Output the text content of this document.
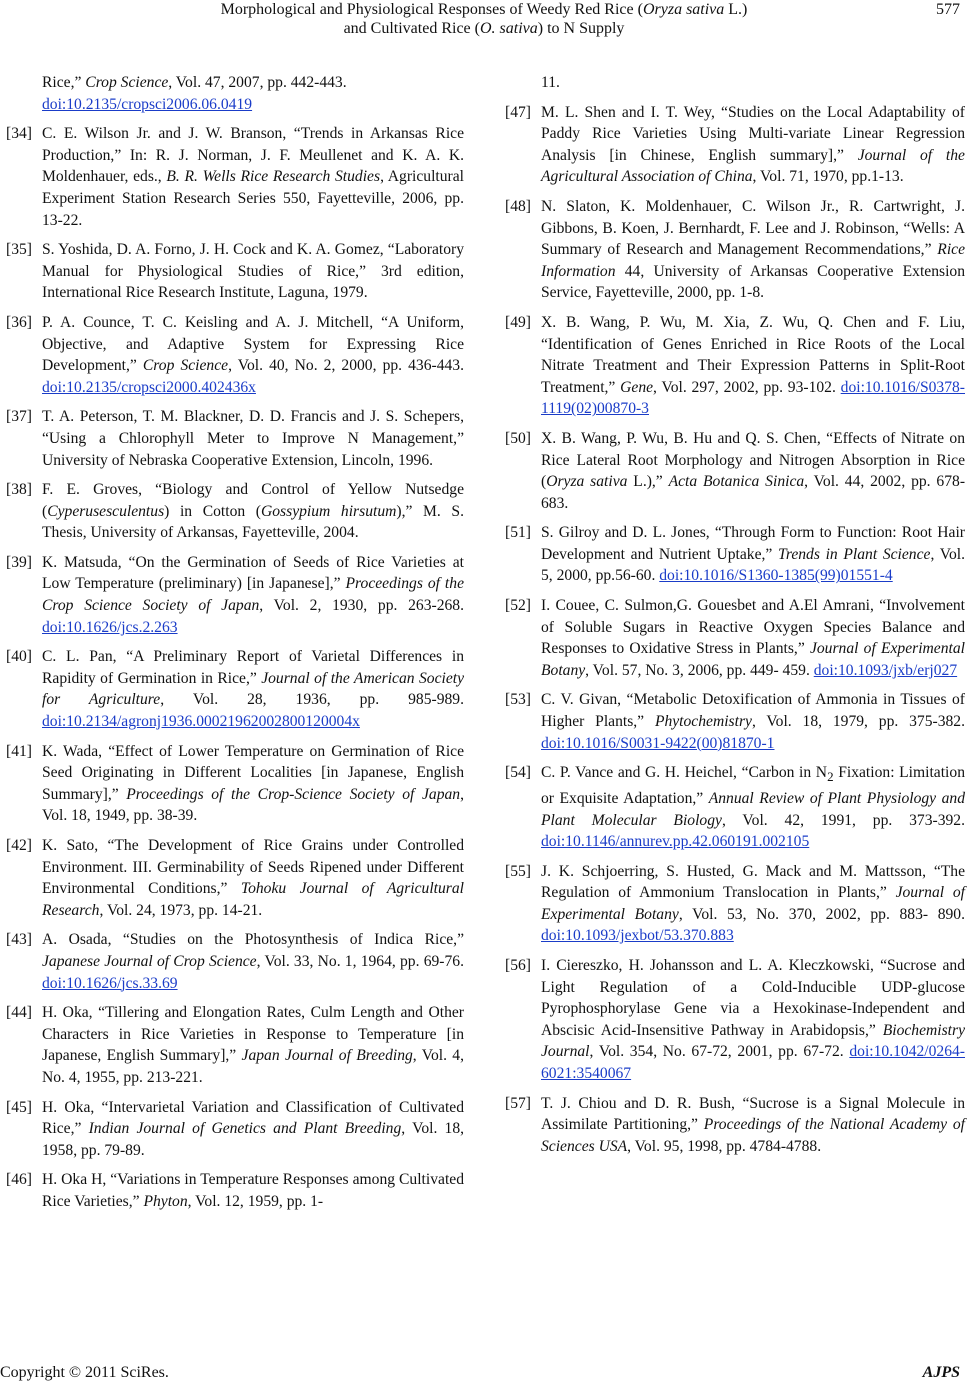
Morphological and Physiological Responses of Weedy Red Rice (Oryza sativa L.)
and Cultivated Rice (O. sativa) to N Supply
577
Rice,” Crop Science, Vol. 47, 2007, pp. 442-443.
doi:10.2135/cropsci2006.06.0419
[34] C. E. Wilson Jr. and J. W. Branson, “Trends in Arkansas Rice Production,” In: R. J. Norman, J. F. Meullenet and K. A. K. Moldenhauer, eds., B. R. Wells Rice Research Studies, Agricultural Experiment Station Research Series 550, Fayetteville, 2006, pp. 13-22.
[35] S. Yoshida, D. A. Forno, J. H. Cock and K. A. Gomez, “Laboratory Manual for Physiological Studies of Rice,” 3rd edition, International Rice Research Institute, Laguna, 1979.
[36] P. A. Counce, T. C. Keisling and A. J. Mitchell, “A Uniform, Objective, and Adaptive System for Expressing Rice Development,” Crop Science, Vol. 40, No. 2, 2000, pp. 436-443. doi:10.2135/cropsci2000.402436x
[37] T. A. Peterson, T. M. Blackner, D. D. Francis and J. S. Schepers, “Using a Chlorophyll Meter to Improve N Management,” University of Nebraska Cooperative Extension, Lincoln, 1996.
[38] F. E. Groves, “Biology and Control of Yellow Nutsedge (Cyperusesculentus) in Cotton (Gossypium hirsutum),” M. S. Thesis, University of Arkansas, Fayetteville, 2004.
[39] K. Matsuda, “On the Germination of Seeds of Rice Varieties at Low Temperature (preliminary) [in Japanese],” Proceedings of the Crop Science Society of Japan, Vol. 2, 1930, pp. 263-268. doi:10.1626/jcs.2.263
[40] C. L. Pan, “A Preliminary Report of Varietal Differences in Rapidity of Germination in Rice,” Journal of the American Society for Agriculture, Vol. 28, 1936, pp. 985-989. doi:10.2134/agronj1936.00021962002800120004x
[41] K. Wada, “Effect of Lower Temperature on Germination of Rice Seed Originating in Different Localities [in Japanese, English Summary],” Proceedings of the Crop-Science Society of Japan, Vol. 18, 1949, pp. 38-39.
[42] K. Sato, “The Development of Rice Grains under Controlled Environment. III. Germinability of Seeds Ripened under Different Environmental Conditions,” Tohoku Journal of Agricultural Research, Vol. 24, 1973, pp. 14-21.
[43] A. Osada, “Studies on the Photosynthesis of Indica Rice,” Japanese Journal of Crop Science, Vol. 33, No. 1, 1964, pp. 69-76. doi:10.1626/jcs.33.69
[44] H. Oka, “Tillering and Elongation Rates, Culm Length and Other Characters in Rice Varieties in Response to Temperature [in Japanese, English Summary],” Japan Journal of Breeding, Vol. 4, No. 4, 1955, pp. 213-221.
[45] H. Oka, “Intervarietal Variation and Classification of Cultivated Rice,” Indian Journal of Genetics and Plant Breeding, Vol. 18, 1958, pp. 79-89.
[46] H. Oka H, “Variations in Temperature Responses among Cultivated Rice Varieties,” Phyton, Vol. 12, 1959, pp. 1-
11.
[47] M. L. Shen and I. T. Wey, “Studies on the Local Adaptability of Paddy Rice Varieties Using Multi-variate Linear Regression Analysis [in Chinese, English summary],” Journal of the Agricultural Association of China, Vol. 71, 1970, pp.1-13.
[48] N. Slaton, K. Moldenhauer, C. Wilson Jr., R. Cartwright, J. Gibbons, B. Koen, J. Bernhardt, F. Lee and J. Robinson, “Wells: A Summary of Research and Management Recommendations,” Rice Information 44, University of Arkansas Cooperative Extension Service, Fayetteville, 2000, pp. 1-8.
[49] X. B. Wang, P. Wu, M. Xia, Z. Wu, Q. Chen and F. Liu, “Identification of Genes Enriched in Rice Roots of the Local Nitrate Treatment and Their Expression Patterns in Split-Root Treatment,” Gene, Vol. 297, 2002, pp. 93-102. doi:10.1016/S0378-1119(02)00870-3
[50] X. B. Wang, P. Wu, B. Hu and Q. S. Chen, “Effects of Nitrate on Rice Lateral Root Morphology and Nitrogen Absorption in Rice (Oryza sativa L.),” Acta Botanica Sinica, Vol. 44, 2002, pp. 678-683.
[51] S. Gilroy and D. L. Jones, “Through Form to Function: Root Hair Development and Nutrient Uptake,” Trends in Plant Science, Vol. 5, 2000, pp.56-60. doi:10.1016/S1360-1385(99)01551-4
[52] I. Couee, C. Sulmon,G. Gouesbet and A.El Amrani, “Involvement of Soluble Sugars in Reactive Oxygen Species Balance and Responses to Oxidative Stress in Plants,” Journal of Experimental Botany, Vol. 57, No. 3, 2006, pp. 449- 459. doi:10.1093/jxb/erj027
[53] C. V. Givan, “Metabolic Detoxification of Ammonia in Tissues of Higher Plants,” Phytochemistry, Vol. 18, 1979, pp. 375-382. doi:10.1016/S0031-9422(00)81870-1
[54] C. P. Vance and G. H. Heichel, “Carbon in $N_2$ Fixation: Limitation or Exquisite Adaptation,” Annual Review of Plant Physiology and Plant Molecular Biology, Vol. 42, 1991, pp. 373-392. doi:10.1146/annurev.pp.42.060191.002105
[55] J. K. Schjoerring, S. Husted, G. Mack and M. Mattsson, “The Regulation of Ammonium Translocation in Plants,” Journal of Experimental Botany, Vol. 53, No. 370, 2002, pp. 883- 890. doi:10.1093/jexbot/53.370.883
[56] I. Ciereszko, H. Johansson and L. A. Kleczkowski, “Sucrose and Light Regulation of a Cold-Inducible UDP-glucose Pyrophosphorylase Gene via a Hexokinase-Independent and Abscisic Acid-Insensitive Pathway in Arabidopsis,” Biochemistry Journal, Vol. 354, No. 67-72, 2001, pp. 67-72. doi:10.1042/0264-6021:3540067
[57] T. J. Chiou and D. R. Bush, “Sucrose is a Signal Molecule in Assimilate Partitioning,” Proceedings of the National Academy of Sciences USA, Vol. 95, 1998, pp. 4784-4788.
Copyright © 2011 SciRes.	AJPS
